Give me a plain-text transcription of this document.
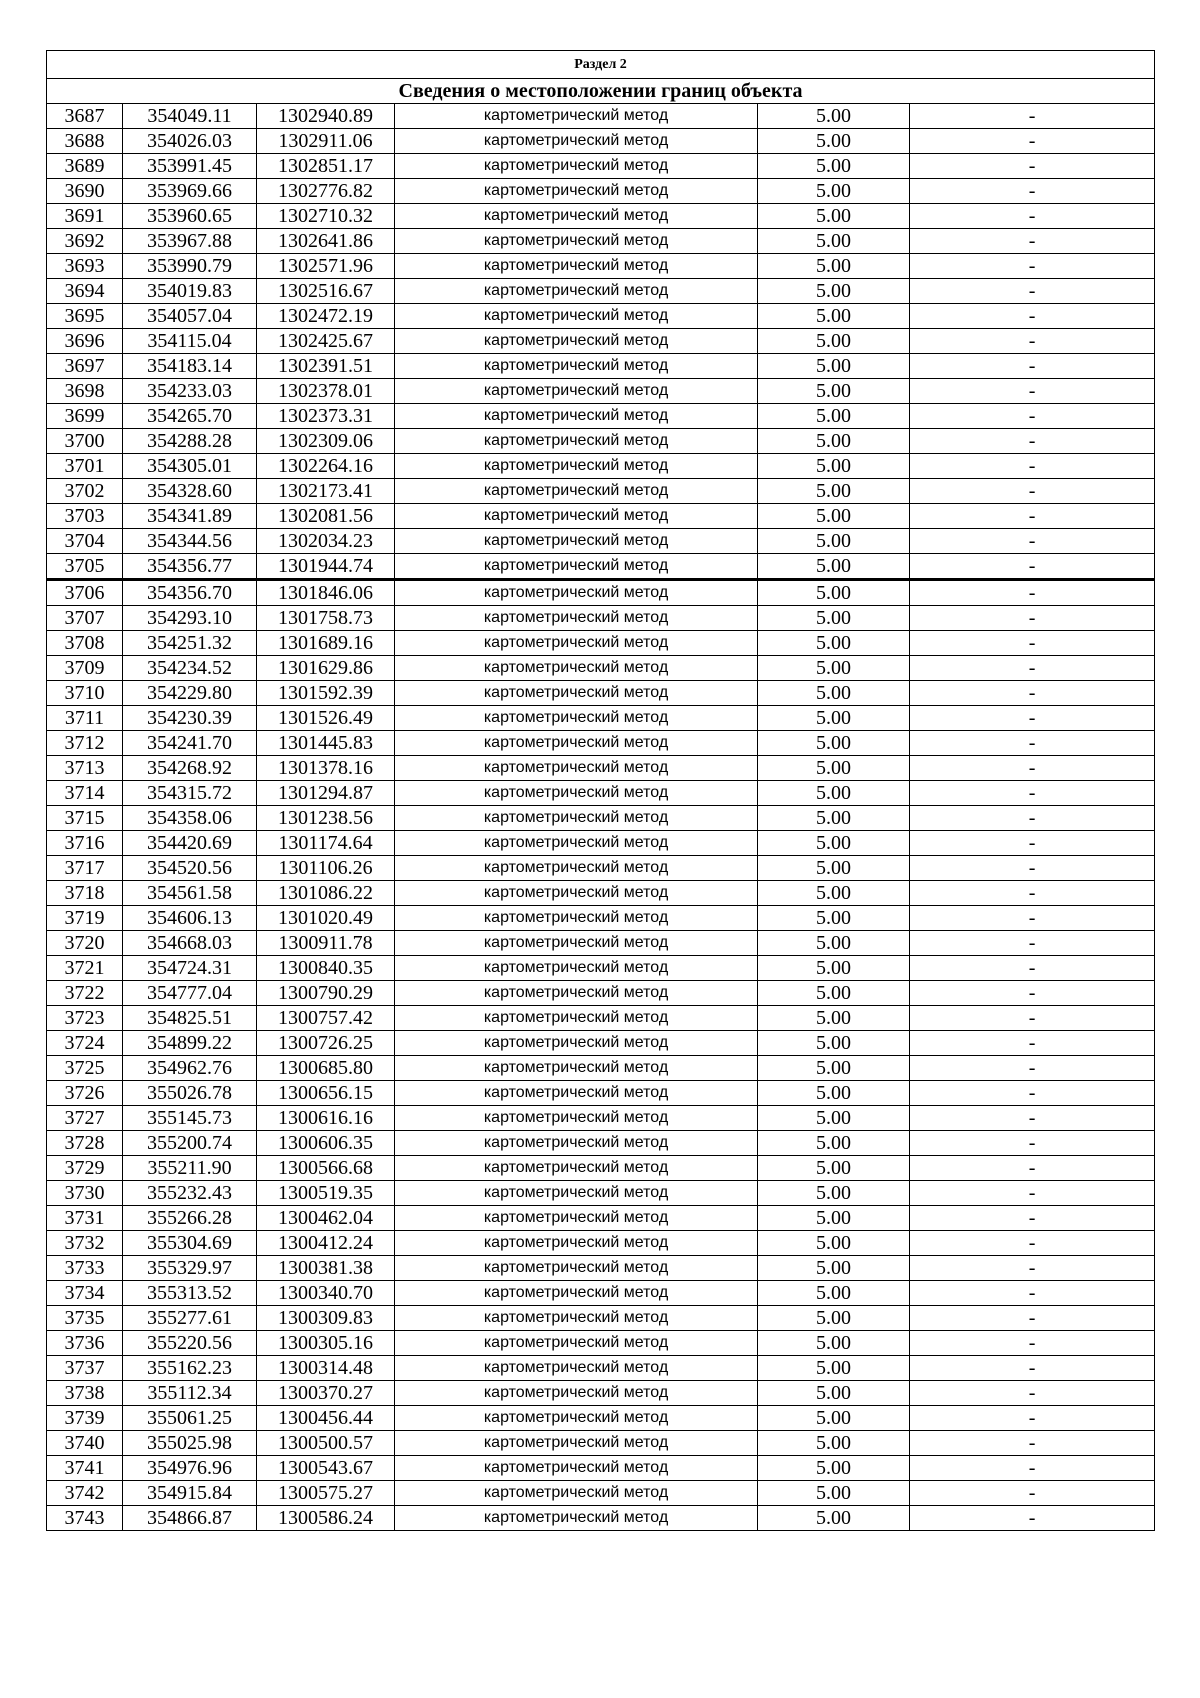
Раздел 2					
Сведения о местоположении границ объекта					
3687	354049.11	1302940.89	картометрический метод	5.00	-
3688	354026.03	1302911.06	картометрический метод	5.00	-
3689	353991.45	1302851.17	картометрический метод	5.00	-
3690	353969.66	1302776.82	картометрический метод	5.00	-
3691	353960.65	1302710.32	картометрический метод	5.00	-
3692	353967.88	1302641.86	картометрический метод	5.00	-
3693	353990.79	1302571.96	картометрический метод	5.00	-
3694	354019.83	1302516.67	картометрический метод	5.00	-
3695	354057.04	1302472.19	картометрический метод	5.00	-
3696	354115.04	1302425.67	картометрический метод	5.00	-
3697	354183.14	1302391.51	картометрический метод	5.00	-
3698	354233.03	1302378.01	картометрический метод	5.00	-
3699	354265.70	1302373.31	картометрический метод	5.00	-
3700	354288.28	1302309.06	картометрический метод	5.00	-
3701	354305.01	1302264.16	картометрический метод	5.00	-
3702	354328.60	1302173.41	картометрический метод	5.00	-
3703	354341.89	1302081.56	картометрический метод	5.00	-
3704	354344.56	1302034.23	картометрический метод	5.00	-
3705	354356.77	1301944.74	картометрический метод	5.00	-
3706	354356.70	1301846.06	картометрический метод	5.00	-
3707	354293.10	1301758.73	картометрический метод	5.00	-
3708	354251.32	1301689.16	картометрический метод	5.00	-
3709	354234.52	1301629.86	картометрический метод	5.00	-
3710	354229.80	1301592.39	картометрический метод	5.00	-
3711	354230.39	1301526.49	картометрический метод	5.00	-
3712	354241.70	1301445.83	картометрический метод	5.00	-
3713	354268.92	1301378.16	картометрический метод	5.00	-
3714	354315.72	1301294.87	картометрический метод	5.00	-
3715	354358.06	1301238.56	картометрический метод	5.00	-
3716	354420.69	1301174.64	картометрический метод	5.00	-
3717	354520.56	1301106.26	картометрический метод	5.00	-
3718	354561.58	1301086.22	картометрический метод	5.00	-
3719	354606.13	1301020.49	картометрический метод	5.00	-
3720	354668.03	1300911.78	картометрический метод	5.00	-
3721	354724.31	1300840.35	картометрический метод	5.00	-
3722	354777.04	1300790.29	картометрический метод	5.00	-
3723	354825.51	1300757.42	картометрический метод	5.00	-
3724	354899.22	1300726.25	картометрический метод	5.00	-
3725	354962.76	1300685.80	картометрический метод	5.00	-
3726	355026.78	1300656.15	картометрический метод	5.00	-
3727	355145.73	1300616.16	картометрический метод	5.00	-
3728	355200.74	1300606.35	картометрический метод	5.00	-
3729	355211.90	1300566.68	картометрический метод	5.00	-
3730	355232.43	1300519.35	картометрический метод	5.00	-
3731	355266.28	1300462.04	картометрический метод	5.00	-
3732	355304.69	1300412.24	картометрический метод	5.00	-
3733	355329.97	1300381.38	картометрический метод	5.00	-
3734	355313.52	1300340.70	картометрический метод	5.00	-
3735	355277.61	1300309.83	картометрический метод	5.00	-
3736	355220.56	1300305.16	картометрический метод	5.00	-
3737	355162.23	1300314.48	картометрический метод	5.00	-
3738	355112.34	1300370.27	картометрический метод	5.00	-
3739	355061.25	1300456.44	картометрический метод	5.00	-
3740	355025.98	1300500.57	картометрический метод	5.00	-
3741	354976.96	1300543.67	картометрический метод	5.00	-
3742	354915.84	1300575.27	картометрический метод	5.00	-
3743	354866.87	1300586.24	картометрический метод	5.00	-
